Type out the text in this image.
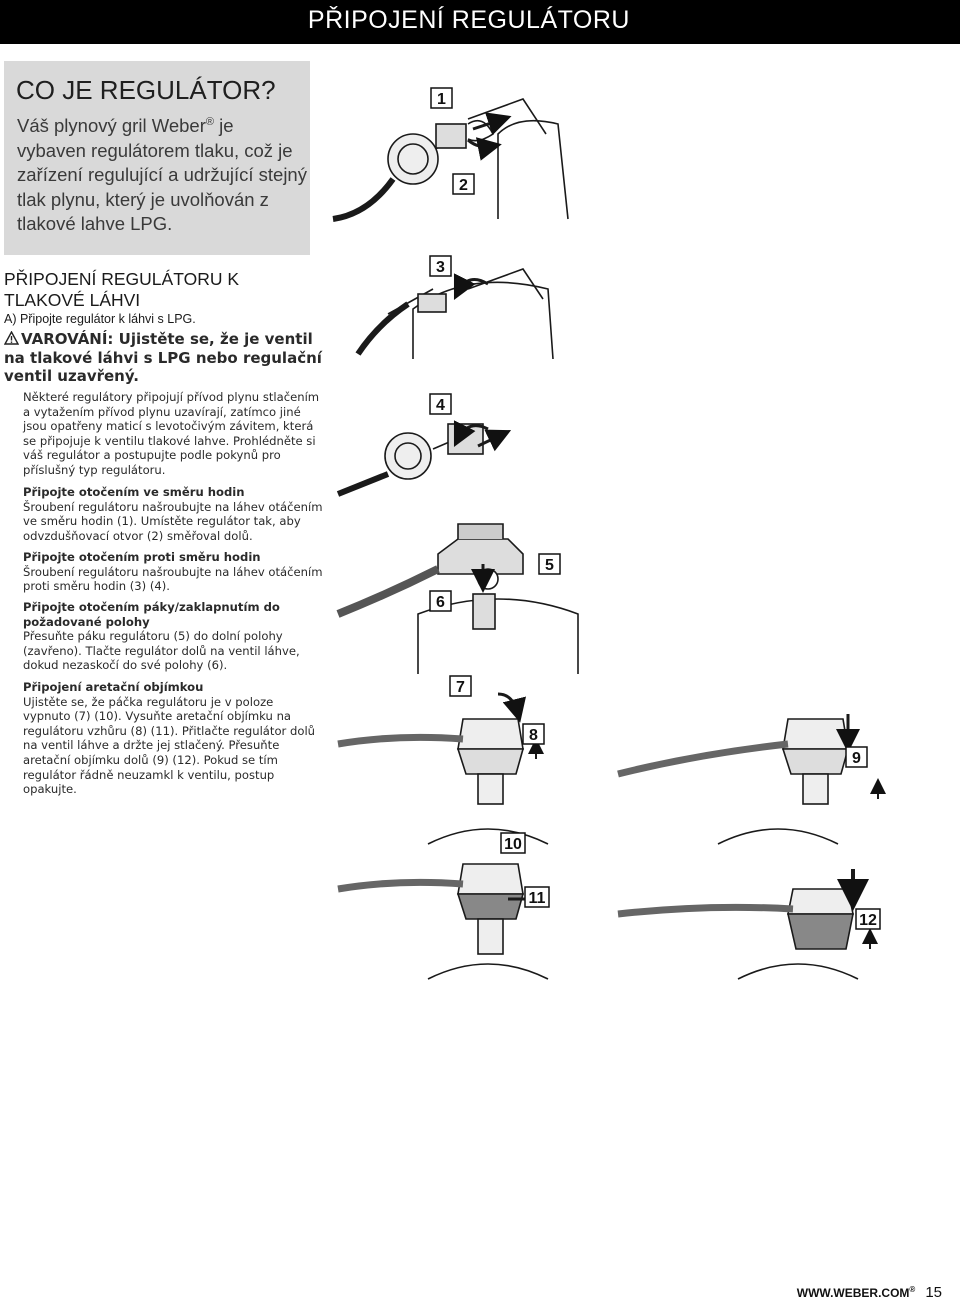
PŘIPOJENÍ REGULÁTORU
CO JE REGULÁTOR?
Váš plynový gril Weber® je vybaven regulátorem tlaku, což je zařízení regulující a udržující stejný tlak plynu, který je uvolňován z tlakové lahve LPG.
PŘIPOJENÍ REGULÁTORU K TLAKOVÉ LÁHVI
A) Připojte regulátor k láhvi s LPG.
VAROVÁNÍ: Ujistěte se, že je ventil na tlakové láhvi s LPG nebo regulační ventil uzavřený.
Některé regulátory připojují přívod plynu stlačením a vytažením přívod plynu uzavírají, zatímco jiné jsou opatřeny maticí s levotočivým závitem, která se připojuje k ventilu tlakové lahve. Prohlédněte si váš regulátor a postupujte podle pokynů pro příslušný typ regulátoru.
Připojte otočením ve směru hodin
Šroubení regulátoru našroubujte na láhev otáčením ve směru hodin (1). Umístěte regulátor tak, aby odvzdušňovací otvor (2) směřoval dolů.
Připojte otočením proti směru hodin
Šroubení regulátoru našroubujte na láhev otáčením proti směru hodin (3) (4).
Připojte otočením páky/zaklapnutím do požadované polohy
Přesuňte páku regulátoru (5) do dolní polohy (zavřeno). Tlačte regulátor dolů na ventil láhve, dokud nezaskočí do své polohy (6).
Připojení aretační objímkou
Ujistěte se, že páčka regulátoru je v poloze vypnuto (7) (10). Vysuňte aretační objímku na regulátoru vzhůru (8) (11). Přitlačte regulátor dolů na ventil láhve a držte jej stlačený. Přesuňte aretační objímku dolů (9) (12). Pokud se tím regulátor řádně neuzamkl k ventilu, postup opakujte.
1
2
3
4
5
6
7
8
9
10
11
12
WWW.WEBER.COM® 15
